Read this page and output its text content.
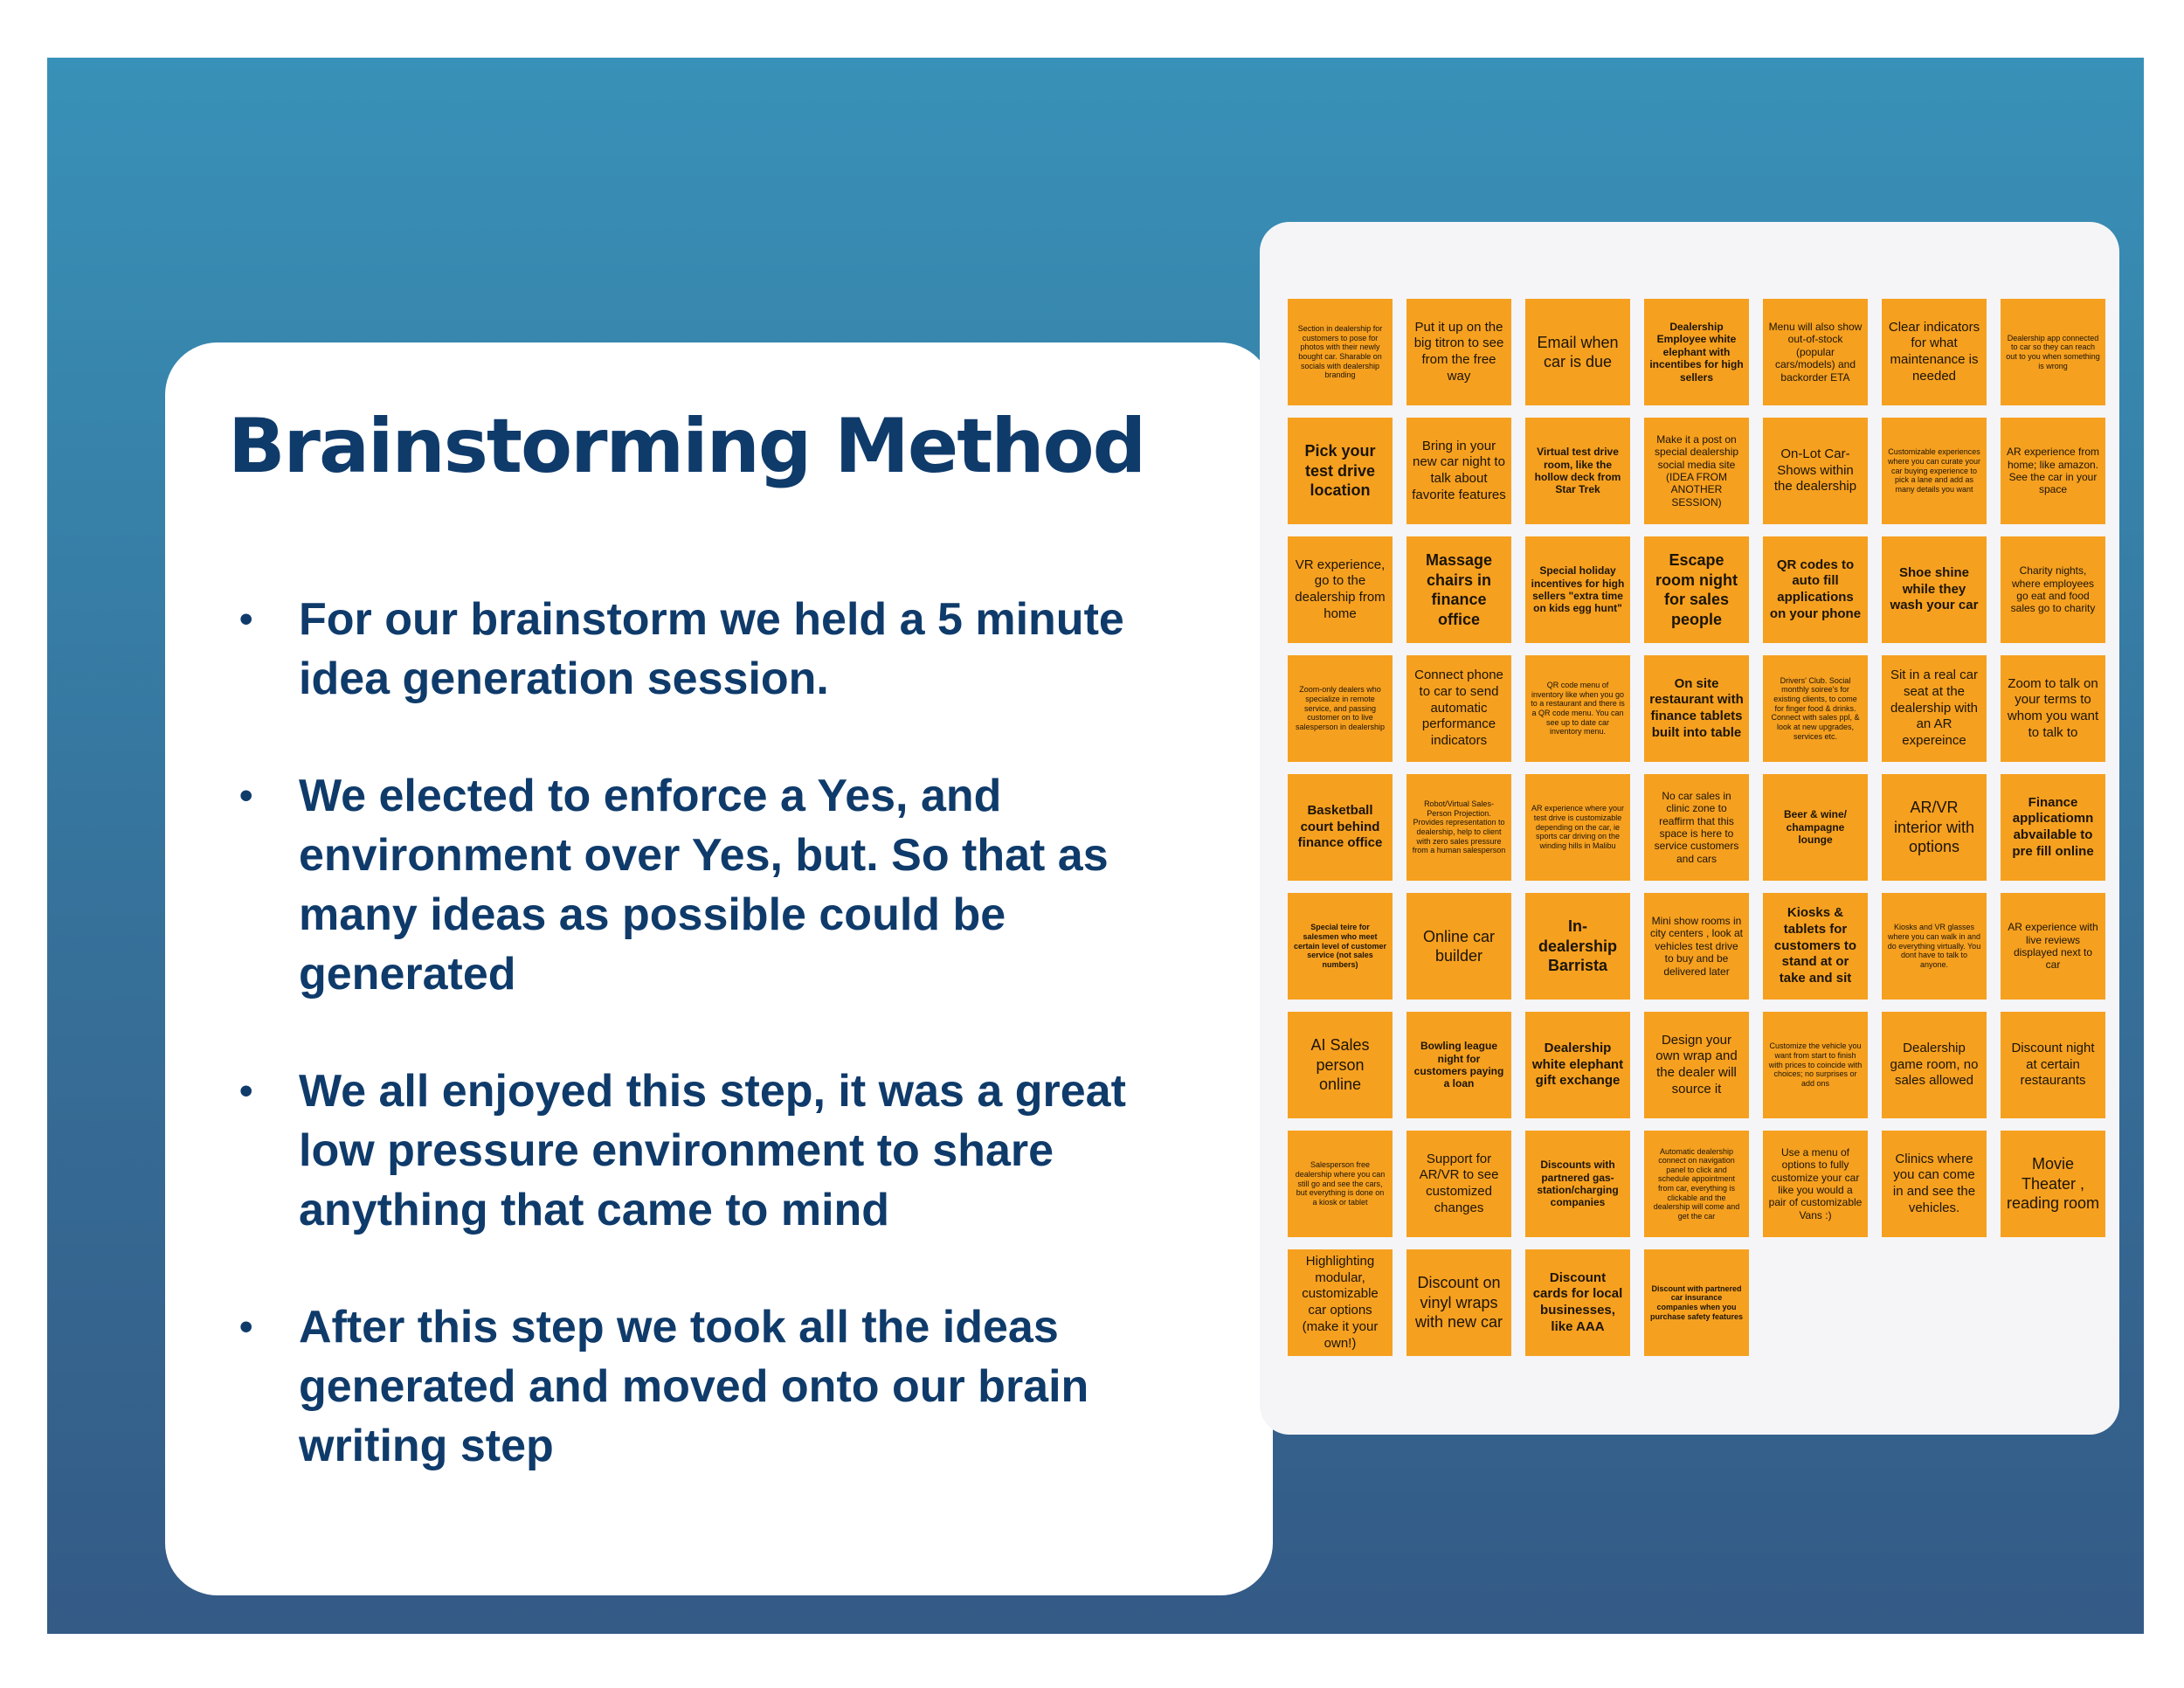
Brainstorming Method
•	For our brainstorm we held a 5 minute idea generation session.
•	We elected to enforce a Yes, and environment over Yes, but. So that as many ideas as possible could be generated
•	We all enjoyed this step, it was a great low pressure environment to share anything that came to mind
•	After this step we took all the ideas generated and moved onto our brain writing step
Section in dealership for customers to pose for photos with their newly bought car. Sharable on socials with dealership branding
Put it up on the big titron to see from the free way
Email when car is due
Dealership Employee white elephant with incentibes for high sellers
Menu will also show out-of-stock (popular cars/models) and backorder ETA
Clear indicators for what maintenance is needed
Dealership app connected to car so they can reach out to you when something is wrong
Pick your test drive location
Bring in your new car night to talk about favorite features
Virtual test drive room, like the hollow deck from Star Trek
Make it a post on special dealership social media site (IDEA FROM ANOTHER SESSION)
On-Lot Car-Shows within the dealership
Customizable experiences where you can curate your car buying experience to pick a lane and add as many details you want
AR experience from home; like amazon. See the car in your space
VR experience, go to the dealership from home
Massage chairs in finance office
Special holiday incentives for high sellers "extra time on kids egg hunt"
Escape room night for sales people
QR codes to auto fill applications on your phone
Shoe shine while they wash your car
Charity nights, where employees go eat and food sales go to charity
Zoom-only dealers who specialize in remote service, and passing customer on to live salesperson in dealership
Connect phone to car to send automatic performance indicators
QR code menu of inventory like when you go to a restaurant and there is a QR code menu. You can see up to date car inventory menu.
On site restaurant with finance tablets built into table
Drivers' Club. Social monthly soiree's for existing clients, to come for finger food & drinks. Connect with sales ppl, & look at new upgrades, services etc.
Sit in a real car seat at the dealership with an AR expereince
Zoom to talk on your terms to whom you want to talk to
Basketball court behind finance office
Robot/Virtual Sales-Person Projection. Provides representation to dealership, help to client with zero sales pressure from a human salesperson
AR experience where your test drive is customizable depending on the car, ie sports car driving on the winding hills in Malibu
No car sales in clinic zone to reaffirm that this space is here to service customers and cars
Beer & wine/ champagne lounge
AR/VR interior with options
Finance applicatiomn abvailable to pre fill online
Special teire for salesmen who meet certain level of customer service (not sales numbers)
Online car builder
In-dealership Barrista
Mini show rooms in city centers , look at vehicles test drive to buy and be delivered later
Kiosks & tablets for customers to stand at or take and sit
Kiosks and VR glasses where you can walk in and do everything virtually. You dont have to talk to anyone.
AR experience with live reviews displayed next to car
AI Sales person online
Bowling league night for customers paying a loan
Dealership white elephant gift exchange
Design your own wrap and the dealer will source it
Customize the vehicle you want from start to finish with prices to coincide with choices; no surprises or add ons
Dealership game room, no sales allowed
Discount night at certain restaurants
Salesperson free dealership where you can still go and see the cars, but everything is done on a kiosk or tablet
Support for AR/VR to see customized changes
Discounts with partnered gas-station/charging companies
Automatic dealership connect on navigation panel to click and schedule appointment from car, everything is clickable and the dealership will come and get the car
Use a menu of options to fully customize your car like you would a pair of customizable Vans :)
Clinics where you can come in and see the vehicles.
Movie Theater , reading room
Highlighting modular, customizable car options (make it your own!)
Discount on vinyl wraps with new car
Discount cards for local businesses, like AAA
Discount with partnered car insurance companies when you purchase safety features
